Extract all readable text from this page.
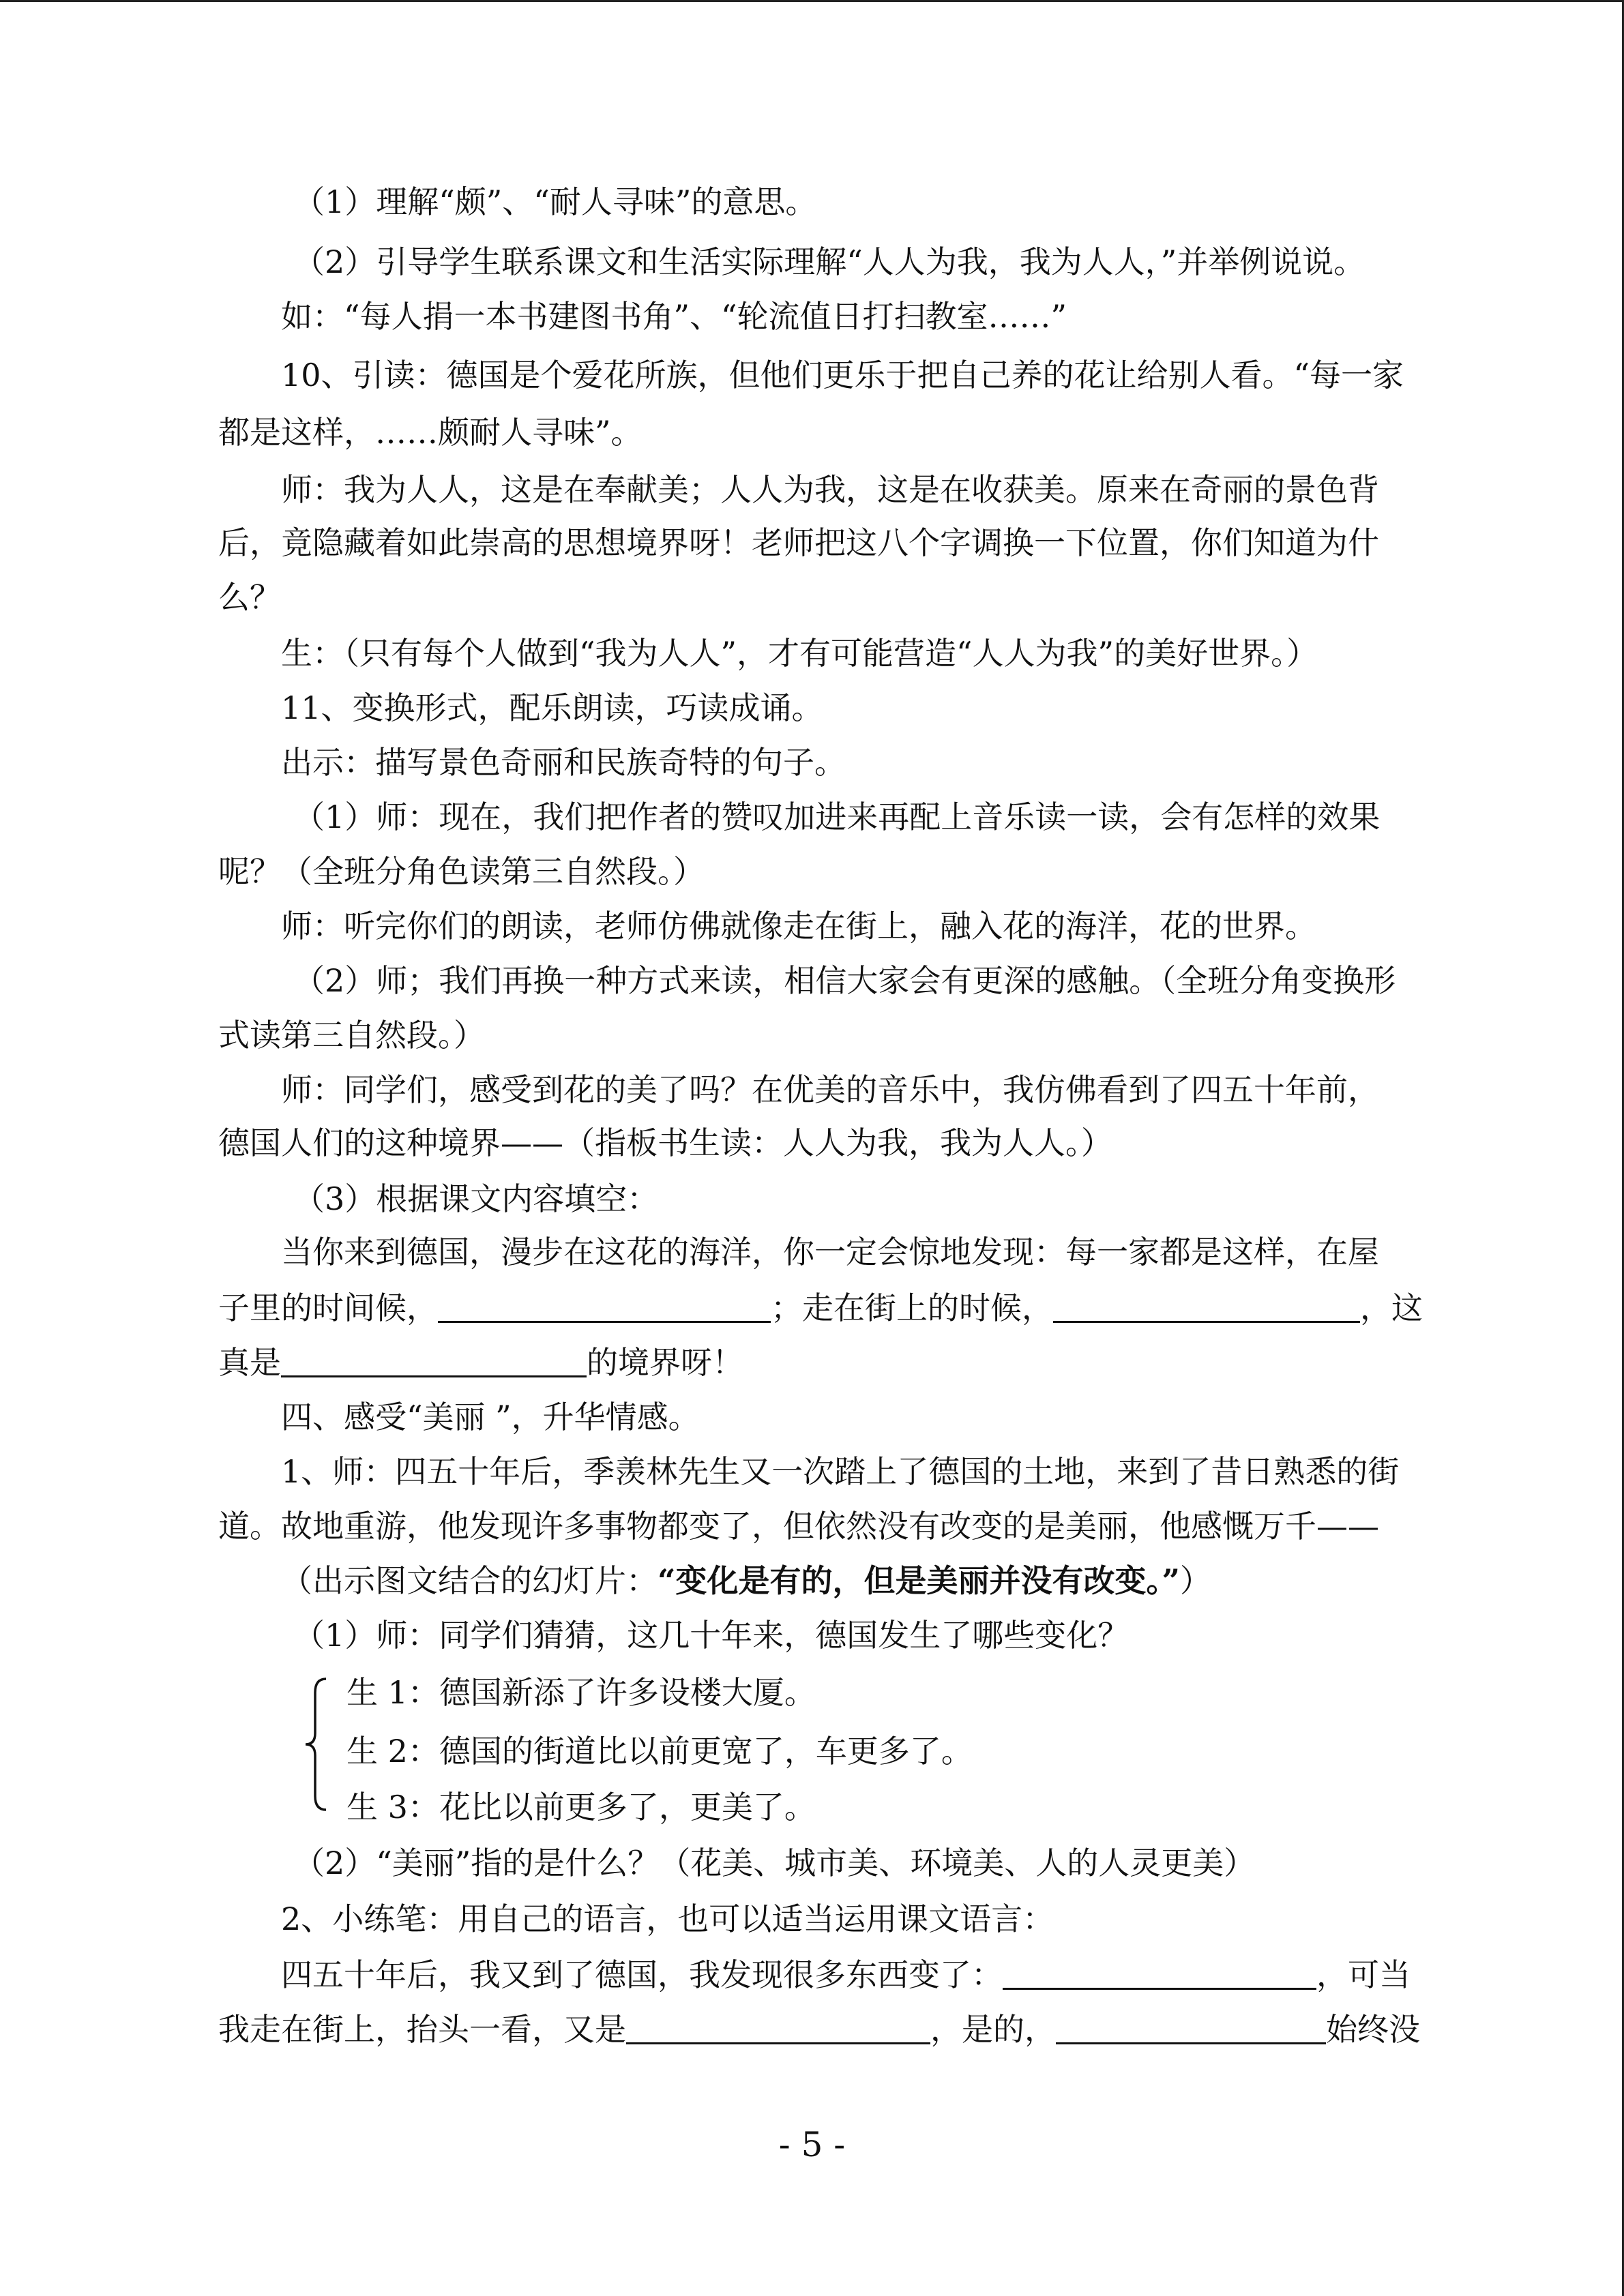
（1）理解“颇”、“耐人寻味”的意思。
（2）引导学生联系课文和生活实际理解“人人为我，我为人人，”并举例说说。
如：“每人捐一本书建图书角”、“轮流值日打扫教室……”
10、引读：德国是个爱花所族，但他们更乐于把自己养的花让给别人看。“每一家
都是这样，……颇耐人寻味”。
师：我为人人，这是在奉献美；人人为我，这是在收获美。原来在奇丽的景色背
后，竟隐藏着如此崇高的思想境界呀！老师把这八个字调换一下位置，你们知道为什
么？
生：（只有每个人做到“我为人人”，才有可能营造“人人为我”的美好世界。）
11、变换形式，配乐朗读，巧读成诵。
出示：描写景色奇丽和民族奇特的句子。
（1）师：现在，我们把作者的赞叹加进来再配上音乐读一读，会有怎样的效果
呢？（全班分角色读第三自然段。）
师：听完你们的朗读，老师仿佛就像走在街上，融入花的海洋，花的世界。
（2）师；我们再换一种方式来读，相信大家会有更深的感触。（全班分角变换形
式读第三自然段。）
师：同学们，感受到花的美了吗？在优美的音乐中，我仿佛看到了四五十年前，
德国人们的这种境界——（指板书生读：人人为我，我为人人。）
（3）根据课文内容填空：
当你来到德国，漫步在这花的海洋，你一定会惊地发现：每一家都是这样，在屋
子里的时间候，	；走在街上的时候，	，这
真是	的境界呀！
四、感受“美丽 ”，升华情感。
1、师：四五十年后，季羡林先生又一次踏上了德国的土地，来到了昔日熟悉的街
道。故地重游，他发现许多事物都变了，但依然没有改变的是美丽，他感慨万千——
（出示图文结合的幻灯片：“变化是有的，但是美丽并没有改变。”）
（1）师：同学们猜猜，这几十年来，德国发生了哪些变化？
生 1：德国新添了许多设楼大厦。
生 2：德国的街道比以前更宽了，车更多了。
生 3：花比以前更多了，更美了。
（2）“美丽”指的是什么？（花美、城市美、环境美、人的人灵更美）
2、小练笔：用自己的语言，也可以适当运用课文语言：
四五十年后，我又到了德国，我发现很多东西变了：	，可当
我走在街上，抬头一看，又是	，是的，	始终没
- 5 -
